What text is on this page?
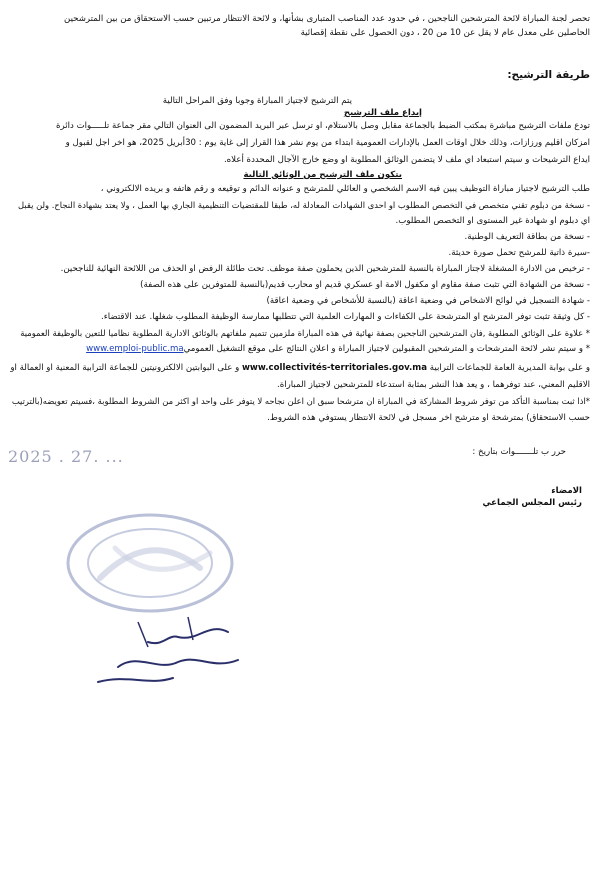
تحصر لجنة المباراة لائحة المترشحين الناجحين ، في حدود عدد المناصب المتبارى بشأنها، و لائحة الانتظار مرتبين حسب الاستحقاق من بين المترشحين
الحاصلين على معدل عام لا يقل عن 10 من 20 ، دون الحصول على نقطة إقصائية
طريقة الترشيح:
يتم الترشيح لاجتياز المباراة وجوبا وفق المراحل التالية
إيداع ملف الترشيح
تودع ملفات الترشيح مباشرة بمكتب الضبط بالجماعة مقابل وصل بالاستلام، او ترسل عبر البريد المضمون الى العنوان التالي مقر جماعة تلـــــوات دائرة
امزكان اقليم ورزازات، وذلك خلال اوقات العمل بالإدارات العمومية ابتداء من يوم نشر هذا القرار إلى غاية يوم : 30أبريل 2025، هو اخر اجل لقبول و
ايداع الترشيحات و سيتم استبعاد اي ملف لا يتضمن الوثائق المطلوبة او وضع خارج الآجال المحددة أعلاه.
يتكون ملف الترشيح من الوثائق التالية
طلب الترشيح لاجتياز مباراة التوظيف يبين فيه الاسم الشخصي و العائلي للمترشح و عنوانه الدائم و توقيعه و رقم هاتفه و بريده الالكتروني ،
- نسخة من دبلوم تقني متخصص في التخصص المطلوب او احدى الشهادات المعادلة له، طبقا للمقتضيات التنظيمية الجاري بها العمل ، ولا يعتد بشهادة النجاح. ولن يقبل
اي دبلوم او شهادة غير المستوى او التخصص المطلوب.
- نسخة من بطاقة التعريف الوطنية.
-سيرة ذاتية للمرشح تحمل صورة حديثة.
- ترخيص من الادارة المشغلة لاجتاز المباراة بالنسبة للمترشحين الذين يحملون صفة موظف. تحت طائلة الرفض او الحذف من اللائحة النهائية للناجحين.
- نسخة من الشهادة التي تثبت صفة مقاوم او مكفول الامة او عسكري قديم او محارب قديم(بالنسبة للمتوفرين على هذه الصفة)
- شهادة التسجيل في لوائح الاشخاص في وضعية اعاقة (بالنسبة للأشخاص في وضعية اعاقة)
- كل وثيقة تثبت توفر المترشح او المترشحة على الكفاءات و المهارات العلمية التي تتطلبها ممارسة الوظيفة المطلوب شغلها. عند الاقتضاء.
* علاوة على الوثائق المطلوبة ,فان المترشحين الناجحين بصفة نهائية في هذه المباراة ملزمين تتميم ملفاتهم بالوثائق الادارية المطلوبة نظاميا للتعين بالوظيفة العمومية
* و سيتم نشر لائحة المترشحات و المترشحين المقبولين لاجتياز المباراة و اعلان النتائج على موقع التشغيل العموميwww.emploi-public.ma
و على بوابة المديرية العامة للجماعات الترابية www.collectivités-territoriales.gov.ma و على البوابتين الالكترونيتين للجماعة الترابية المعنية او العمالة او
الاقليم المعني، عند توفرهما ، و يعد هذا النشر بمثابة استدعاء للمترشحين لاجتياز المباراة.
*اذا ثبت بمناسبة التأكد من توفر شروط المشاركة في المباراة ان مترشحا سبق ان اعلن نجاحه لا يتوفر على واحد او اكثر من الشروط المطلوبة ،فسيتم تعويضه(بالترتيب
حسب الاستحقاق) بمترشحة او مترشح اخر مسجل في لائحة الانتظار يستوفي هذه الشروط.
حرر ب تلـــــــوات بتاريخ :
2025 . 27. ...
الامضاء
رئيس المجلس الجماعي
